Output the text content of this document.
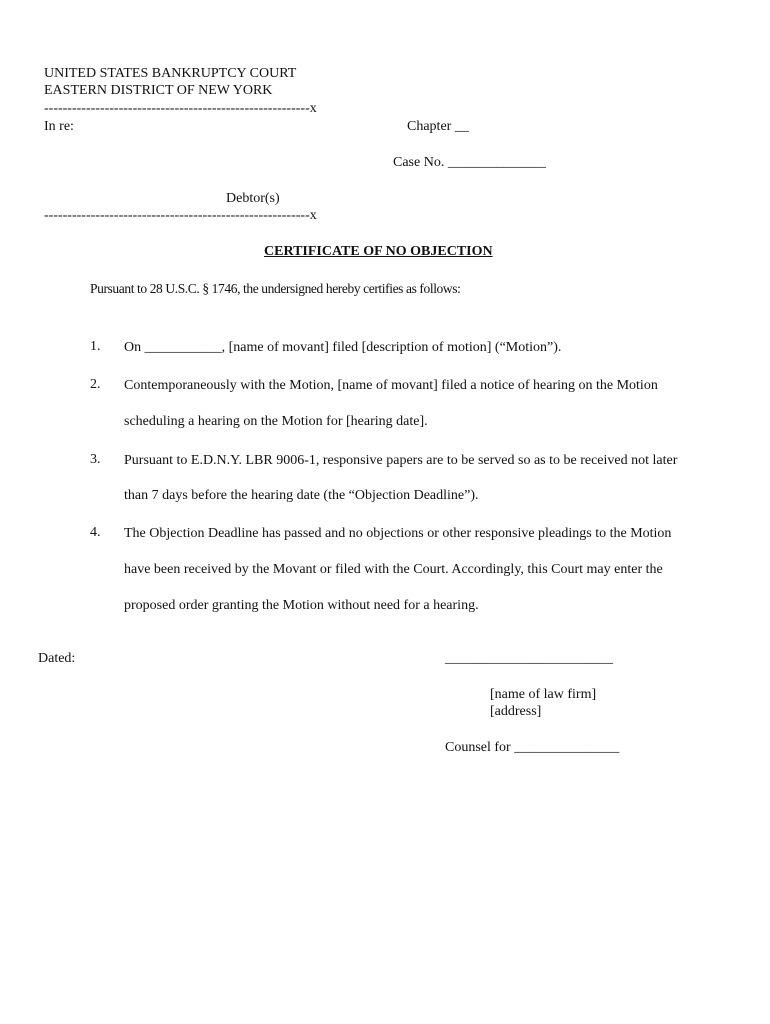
UNITED STATES BANKRUPTCY COURT
EASTERN DISTRICT OF NEW YORK
---------------------------------------------------------x
In re:	Chapter __
Case No. ______________
Debtor(s)
---------------------------------------------------------x
CERTIFICATE OF NO OBJECTION
Pursuant to 28 U.S.C. § 1746, the undersigned hereby certifies as follows:
1. On ___________, [name of movant] filed [description of motion] (“Motion”).
2. Contemporaneously with the Motion, [name of movant] filed a notice of hearing on the Motion
scheduling a hearing on the Motion for [hearing date].
3. Pursuant to E.D.N.Y. LBR 9006-1, responsive papers are to be served so as to be received not later
than 7 days before the hearing date (the “Objection Deadline”).
4. The Objection Deadline has passed and no objections or other responsive pleadings to the Motion
have been received by the Movant or filed with the Court. Accordingly, this Court may enter the
proposed order granting the Motion without need for a hearing.
Dated:	________________________
[name of law firm]
[address]
Counsel for _______________
